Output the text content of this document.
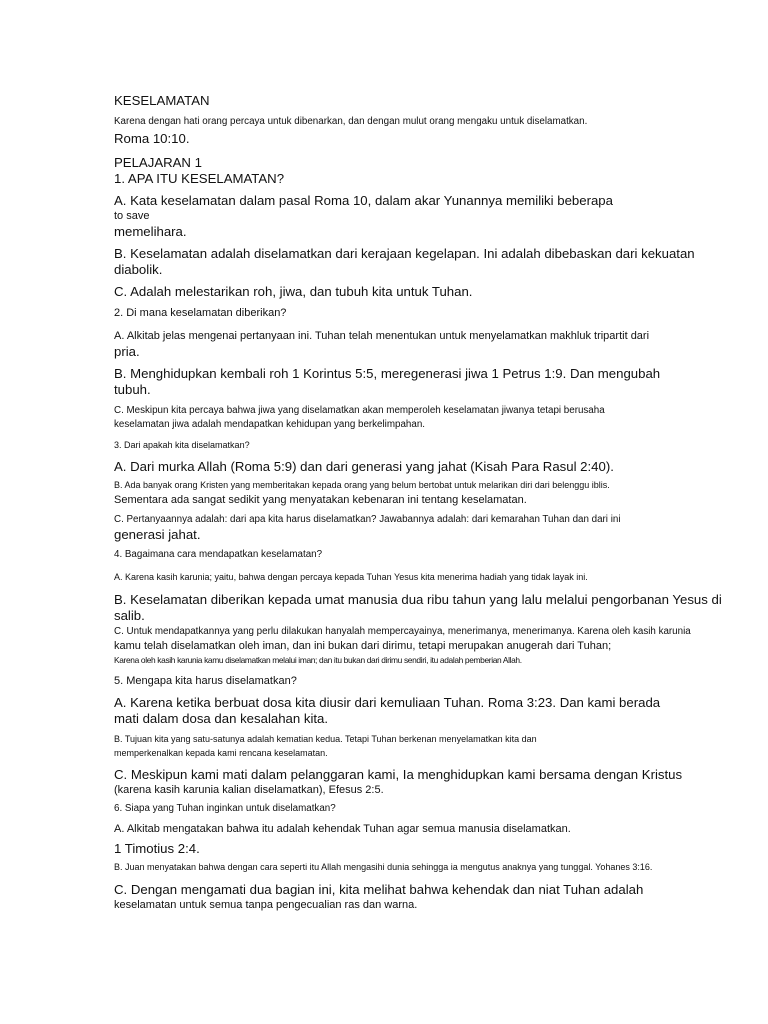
KESELAMATAN

Karena dengan hati orang percaya untuk dibenarkan, dan dengan mulut orang mengaku untuk diselamatkan.

Roma 10:10.

PELAJARAN 1

1. APA ITU KESELAMATAN?

A. Kata keselamatan dalam pasal Roma 10, dalam akar Yunannya memiliki beberapa

to save

memelihara.

B. Keselamatan adalah diselamatkan dari kerajaan kegelapan. Ini adalah dibebaskan dari kekuatan

diabolik.

C. Adalah melestarikan roh, jiwa, dan tubuh kita untuk Tuhan.

2. Di mana keselamatan diberikan?

A. Alkitab jelas mengenai pertanyaan ini. Tuhan telah menentukan untuk menyelamatkan makhluk tripartit dari

pria.

B. Menghidupkan kembali roh 1 Korintus 5:5, meregenerasi jiwa 1 Petrus 1:9. Dan mengubah

tubuh.

C. Meskipun kita percaya bahwa jiwa yang diselamatkan akan memperoleh keselamatan jiwanya tetapi berusaha

keselamatan jiwa adalah mendapatkan kehidupan yang berkelimpahan.

3. Dari apakah kita diselamatkan?

A. Dari murka Allah (Roma 5:9) dan dari generasi yang jahat (Kisah Para Rasul 2:40).

B. Ada banyak orang Kristen yang memberitakan kepada orang yang belum bertobat untuk melarikan diri dari belenggu iblis.

Sementara ada sangat sedikit yang menyatakan kebenaran ini tentang keselamatan.

C. Pertanyaannya adalah: dari apa kita harus diselamatkan? Jawabannya adalah: dari kemarahan Tuhan dan dari ini

generasi jahat.

4. Bagaimana cara mendapatkan keselamatan?

A. Karena kasih karunia; yaitu, bahwa dengan percaya kepada Tuhan Yesus kita menerima hadiah yang tidak layak ini.

B. Keselamatan diberikan kepada umat manusia dua ribu tahun yang lalu melalui pengorbanan Yesus di

salib.

C. Untuk mendapatkannya yang perlu dilakukan hanyalah mempercayainya, menerimanya, menerimanya. Karena oleh kasih karunia

kamu telah diselamatkan oleh iman, dan ini bukan dari dirimu, tetapi merupakan anugerah dari Tuhan;

Karena oleh kasih karunia kamu diselamatkan melalui iman; dan itu bukan dari dirimu sendiri, itu adalah pemberian Allah.

5. Mengapa kita harus diselamatkan?

A. Karena ketika berbuat dosa kita diusir dari kemuliaan Tuhan. Roma 3:23. Dan kami berada

mati dalam dosa dan kesalahan kita.

B. Tujuan kita yang satu-satunya adalah kematian kedua. Tetapi Tuhan berkenan menyelamatkan kita dan

memperkenalkan kepada kami rencana keselamatan.

C. Meskipun kami mati dalam pelanggaran kami, Ia menghidupkan kami bersama dengan Kristus

(karena kasih karunia kalian diselamatkan), Efesus 2:5.

6. Siapa yang Tuhan inginkan untuk diselamatkan?

A. Alkitab mengatakan bahwa itu adalah kehendak Tuhan agar semua manusia diselamatkan.

1 Timotius 2:4.

B. Juan menyatakan bahwa dengan cara seperti itu Allah mengasihi dunia sehingga ia mengutus anaknya yang tunggal. Yohanes 3:16.

C. Dengan mengamati dua bagian ini, kita melihat bahwa kehendak dan niat Tuhan adalah

keselamatan untuk semua tanpa pengecualian ras dan warna.
